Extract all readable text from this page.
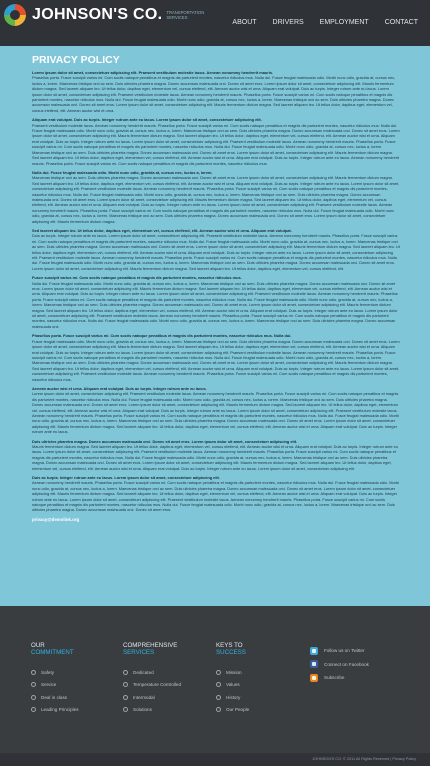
JOHNSON'S CO. TRANSPORTATION SERVICES
ABOUT	DRIVERS	EMPLOYMENT	CONTACT
PRIVACY POLICY
Lorem ipsum dolor sit amet, consectetuer adipiscing elit. Praesent vestibulum molestie lacus. Aenean nonummy hendrerit mauris.
Phasellus porta. Fusce suscipit varius mi. Cum sociis natoque penatibus et magnis dis parturient montes, nascetur ridiculus mus. Nulla dui. Fusce feugiat malesuada odio. Morbi nunc odio, gravida at, cursus nec, luctus a, lorem. Maecenas tristique orci ac sem. Duis ultricies pharetra magna. Donec accumsan malesuada orci. Donec sit amet eros. Lorem ipsum dolor sit amet, consectetuer adipiscing elit. Mauris fermentum dictum magna. Sed laoreet aliquam leo. Ut tellus dolor, dapibus eget, elementum vel, cursus eleifend, elit. Aenean auctor wisi et urna. Aliquam erat volutpat. Duis ac turpis. Integer rutrum ante eu lacus. Lorem ipsum dolor sit amet, consectetuer adipiscing elit. Praesent vestibulum molestie lacus. Aenean nonummy hendrerit mauris. Phasellus porta. Fusce suscipit varius mi. Cum sociis natoque penatibus et magnis dis parturient montes, nascetur ridiculus mus. Nulla dui. Fusce feugiat malesuada odio. Morbi nunc odio, gravida at, cursus nec, luctus a, lorem. Maecenas tristique orci ac sem. Duis ultricies pharetra magna. Donec accumsan malesuada orci. Donec sit amet eros. Lorem ipsum dolor sit amet, consectetuer adipiscing elit. Mauris fermentum dictum magna. Sed laoreet aliquam leo. Ut tellus dolor, dapibus eget, elementum vel, cursus eleifend, elit. Aenean auctor wisi et urna.
Aliquam erat volutpat. Duis ac turpis. Integer rutrum ante eu lacus. Lorem ipsum dolor sit amet, consectetuer adipiscing elit.
Praesent vestibulum molestie lacus. Aenean nonummy hendrerit mauris. Phasellus porta. Fusce suscipit varius mi. Cum sociis natoque penatibus et magnis dis parturient montes, nascetur ridiculus mus. Nulla dui. Fusce feugiat malesuada odio. Morbi nunc odio, gravida at, cursus nec, luctus a, lorem. Maecenas tristique orci ac sem. Duis ultricies pharetra magna. Donec accumsan malesuada orci. Donec sit amet eros. Lorem ipsum dolor sit amet, consectetuer adipiscing elit. Mauris fermentum dictum magna. Sed laoreet aliquam leo. Ut tellus dolor, dapibus eget, elementum vel, cursus eleifend, elit. Aenean auctor wisi et urna. Aliquam erat volutpat. Duis ac turpis. Integer rutrum ante eu lacus. Lorem ipsum dolor sit amet, consectetuer adipiscing elit. Praesent vestibulum molestie lacus. Aenean nonummy hendrerit mauris. Phasellus porta. Fusce suscipit varius mi. Cum sociis natoque penatibus et magnis dis parturient montes, nascetur ridiculus mus. Nulla dui. Fusce feugiat malesuada odio. Morbi nunc odio, gravida at, cursus nec, luctus a, lorem. Maecenas tristique orci ac sem. Duis ultricies pharetra magna. Donec accumsan malesuada orci. Donec sit amet eros. Lorem ipsum dolor sit amet, consectetuer adipiscing elit. Mauris fermentum dictum magna. Sed laoreet aliquam leo. Ut tellus dolor, dapibus eget, elementum vel, cursus eleifend, elit. Aenean auctor wisi et urna. Aliquam erat volutpat. Duis ac turpis. Integer rutrum ante eu lacus. Aenean nonummy hendrerit mauris. Phasellus porta. Fusce suscipit varius mi. Cum sociis natoque penatibus et magnis dis parturient montes, nascetur ridiculus mus.
Nulla dui. Fusce feugiat malesuada odio. Morbi nunc odio, gravida at, cursus nec, luctus a, lorem.
Maecenas tristique orci ac sem. Duis ultricies pharetra magna. Donec accumsan malesuada orci. Donec sit amet eros. Lorem ipsum dolor sit amet, consectetuer adipiscing elit. Mauris fermentum dictum magna. Sed laoreet aliquam leo. Ut tellus dolor, dapibus eget, elementum vel, cursus eleifend, elit. Aenean auctor wisi et urna. Aliquam erat volutpat. Duis ac turpis. Integer rutrum ante eu lacus. Lorem ipsum dolor sit amet, consectetuer adipiscing elit. Praesent vestibulum molestie lacus. Aenean nonummy hendrerit mauris. Phasellus porta. Fusce suscipit varius mi. Cum sociis natoque penatibus et magnis dis parturient montes, nascetur ridiculus mus. Nulla dui. Fusce feugiat malesuada odio. Morbi nunc odio, gravida at, cursus nec, luctus a, lorem. Maecenas tristique orci ac sem. Duis ultricies pharetra magna. Donec accumsan malesuada orci. Donec sit amet eros. Lorem ipsum dolor sit amet, consectetuer adipiscing elit. Mauris fermentum dictum magna. Sed laoreet aliquam leo. Ut tellus dolor, dapibus eget, elementum vel, cursus eleifend, elit. Aenean auctor wisi et urna. Aliquam erat volutpat. Duis ac turpis. Integer rutrum ante eu lacus. Lorem ipsum dolor sit amet, consectetuer adipiscing elit. Praesent vestibulum molestie lacus. Aenean nonummy hendrerit mauris. Phasellus porta. Fusce suscipit varius mi. Cum sociis natoque penatibus et magnis dis parturient montes, nascetur ridiculus mus. Nulla dui. Fusce feugiat malesuada odio. Morbi nunc odio, gravida at, cursus nec, luctus a, lorem. Maecenas tristique orci ac sem. Duis ultricies pharetra magna. Donec accumsan malesuada orci. Donec sit amet eros. Lorem ipsum dolor sit amet, consectetuer adipiscing elit. Mauris fermentum dictum magna.
Sed laoreet aliquam leo. Ut tellus dolor, dapibus eget, elementum vel, cursus eleifend, elit. Aenean auctor wisi et urna. Aliquam erat volutpat.
Duis ac turpis. Integer rutrum ante eu lacus. Lorem ipsum dolor sit amet, consectetuer adipiscing elit. Praesent vestibulum molestie lacus. Aenean nonummy hendrerit mauris. Phasellus porta. Fusce suscipit varius mi. Cum sociis natoque penatibus et magnis dis parturient montes, nascetur ridiculus mus. Nulla dui. Fusce feugiat malesuada odio. Morbi nunc odio, gravida at, cursus nec, luctus a, lorem. Maecenas tristique orci ac sem. Duis ultricies pharetra magna. Donec accumsan malesuada orci. Donec sit amet eros. Lorem ipsum dolor sit amet, consectetuer adipiscing elit. Mauris fermentum dictum magna. Sed laoreet aliquam leo. Ut tellus dolor, dapibus eget, elementum vel, cursus eleifend, elit. Aenean auctor wisi et urna. Aliquam erat volutpat. Duis ac turpis. Integer rutrum ante eu lacus. Lorem ipsum dolor sit amet, consectetuer adipiscing elit. Praesent vestibulum molestie lacus. Aenean nonummy hendrerit mauris. Phasellus porta. Fusce suscipit varius mi. Cum sociis natoque penatibus et magnis dis parturient montes, nascetur ridiculus mus. Nulla dui. Fusce feugiat malesuada odio. Morbi nunc odio, gravida at, cursus nec, luctus a, lorem. Maecenas tristique orci ac sem. Duis ultricies pharetra magna. Donec accumsan malesuada orci. Donec sit amet eros. Lorem ipsum dolor sit amet, consectetuer adipiscing elit. Mauris fermentum dictum magna. Sed laoreet aliquam leo. Ut tellus dolor, dapibus eget, elementum vel, cursus eleifend, elit.
Fusce suscipit varius mi. Cum sociis natoque penatibus et magnis dis parturient montes, nascetur ridiculus mus.
Nulla dui. Fusce feugiat malesuada odio. Morbi nunc odio, gravida at, cursus nec, luctus a, lorem. Maecenas tristique orci ac sem. Duis ultricies pharetra magna. Donec accumsan malesuada orci. Donec sit amet eros. Lorem ipsum dolor sit amet, consectetuer adipiscing elit. Mauris fermentum dictum magna. Sed laoreet aliquam leo. Ut tellus dolor, dapibus eget, elementum vel, cursus eleifend, elit. Aenean auctor wisi et urna. Aliquam erat volutpat. Duis ac turpis. Integer rutrum ante eu lacus. Lorem ipsum dolor sit amet, consectetuer adipiscing elit. Praesent vestibulum molestie lacus. Aenean nonummy hendrerit mauris. Phasellus porta. Fusce suscipit varius mi. Cum sociis natoque penatibus et magnis dis parturient montes, nascetur ridiculus mus. Nulla dui. Fusce feugiat malesuada odio. Morbi nunc odio, gravida at, cursus nec, luctus a, lorem. Maecenas tristique orci ac sem. Duis ultricies pharetra magna. Donec accumsan malesuada orci. Donec sit amet eros. Lorem ipsum dolor sit amet, consectetuer adipiscing elit. Mauris fermentum dictum magna. Sed laoreet aliquam leo. Ut tellus dolor, dapibus eget, elementum vel, cursus eleifend, elit. Aenean auctor wisi et urna. Aliquam erat volutpat. Duis ac turpis. Integer rutrum ante eu lacus. Lorem ipsum dolor sit amet, consectetuer adipiscing elit. Praesent vestibulum molestie lacus. Aenean nonummy hendrerit mauris. Phasellus porta. Fusce suscipit varius mi. Cum sociis natoque penatibus et magnis dis parturient montes, nascetur ridiculus mus. Nulla dui. Fusce feugiat malesuada odio. Morbi nunc odio, gravida at, cursus nec, luctus a, lorem. Maecenas tristique orci ac sem. Duis ultricies pharetra magna. Donec accumsan malesuada orci.
Phasellus porta. Fusce suscipit varius mi. Cum sociis natoque penatibus et magnis dis parturient montes, nascetur ridiculus mus. Nulla dui.
Fusce feugiat malesuada odio. Morbi nunc odio, gravida at, cursus nec, luctus a, lorem. Maecenas tristique orci ac sem. Duis ultricies pharetra magna. Donec accumsan malesuada orci. Donec sit amet eros. Lorem ipsum dolor sit amet, consectetuer adipiscing elit. Mauris fermentum dictum magna. Sed laoreet aliquam leo. Ut tellus dolor, dapibus eget, elementum vel, cursus eleifend, elit. Aenean auctor wisi et urna. Aliquam erat volutpat. Duis ac turpis. Integer rutrum ante eu lacus. Lorem ipsum dolor sit amet, consectetuer adipiscing elit. Praesent vestibulum molestie lacus. Aenean nonummy hendrerit mauris. Phasellus porta. Fusce suscipit varius mi. Cum sociis natoque penatibus et magnis dis parturient montes, nascetur ridiculus mus. Nulla dui. Fusce feugiat malesuada odio. Morbi nunc odio, gravida at, cursus nec, luctus a, lorem. Maecenas tristique orci ac sem. Duis ultricies pharetra magna. Donec accumsan malesuada orci. Donec sit amet eros. Lorem ipsum dolor sit amet, consectetuer adipiscing elit. Mauris fermentum dictum magna. Sed laoreet aliquam leo. Ut tellus dolor, dapibus eget, elementum vel, cursus eleifend, elit. Aenean auctor wisi et urna. Aliquam erat volutpat. Duis ac turpis. Integer rutrum ante eu lacus. Lorem ipsum dolor sit amet, consectetuer adipiscing elit. Praesent vestibulum molestie lacus. Aenean nonummy hendrerit mauris. Phasellus porta. Fusce suscipit varius mi. Cum sociis natoque penatibus et magnis dis parturient montes, nascetur ridiculus mus.
Aenean auctor wisi et urna. Aliquam erat volutpat. Duis ac turpis. Integer rutrum ante eu lacus.
Lorem ipsum dolor sit amet, consectetuer adipiscing elit. Praesent vestibulum molestie lacus. Aenean nonummy hendrerit mauris. Phasellus porta. Fusce suscipit varius mi. Cum sociis natoque penatibus et magnis dis parturient montes, nascetur ridiculus mus. Nulla dui. Fusce feugiat malesuada odio. Morbi nunc odio, gravida at, cursus nec, luctus a, lorem. Maecenas tristique orci ac sem. Duis ultricies pharetra magna. Donec accumsan malesuada orci. Donec sit amet eros. Lorem ipsum dolor sit amet, consectetuer adipiscing elit. Mauris fermentum dictum magna. Sed laoreet aliquam leo. Ut tellus dolor, dapibus eget, elementum vel, cursus eleifend, elit. Aenean auctor wisi et urna. Aliquam erat volutpat. Duis ac turpis. Integer rutrum ante eu lacus. Lorem ipsum dolor sit amet, consectetuer adipiscing elit. Praesent vestibulum molestie lacus. Aenean nonummy hendrerit mauris. Phasellus porta. Fusce suscipit varius mi. Cum sociis natoque penatibus et magnis dis parturient montes, nascetur ridiculus mus. Nulla dui. Fusce feugiat malesuada odio. Morbi nunc odio, gravida at, cursus nec, luctus a, lorem. Maecenas tristique orci ac sem. Duis ultricies pharetra magna. Donec accumsan malesuada orci. Donec sit amet eros. Lorem ipsum dolor sit amet, consectetuer adipiscing elit. Mauris fermentum dictum magna. Sed laoreet aliquam leo. Ut tellus dolor, dapibus eget, elementum vel, cursus eleifend, elit. Aenean auctor wisi et urna. Aliquam erat volutpat. Duis ac turpis. Integer rutrum ante eu lacus.
Duis ultricies pharetra magna. Donec accumsan malesuada orci. Donec sit amet eros. Lorem ipsum dolor sit amet, consectetuer adipiscing elit.
Mauris fermentum dictum magna. Sed laoreet aliquam leo. Ut tellus dolor, dapibus eget, elementum vel, cursus eleifend, elit. Aenean auctor wisi et urna. Aliquam erat volutpat. Duis ac turpis. Integer rutrum ante eu lacus. Lorem ipsum dolor sit amet, consectetuer adipiscing elit. Praesent vestibulum molestie lacus. Aenean nonummy hendrerit mauris. Phasellus porta. Fusce suscipit varius mi. Cum sociis natoque penatibus et magnis dis parturient montes, nascetur ridiculus mus. Nulla dui. Fusce feugiat malesuada odio. Morbi nunc odio, gravida at, cursus nec, luctus a, lorem. Maecenas tristique orci ac sem. Duis ultricies pharetra magna. Donec accumsan malesuada orci. Donec sit amet eros. Lorem ipsum dolor sit amet, consectetuer adipiscing elit. Mauris fermentum dictum magna. Sed laoreet aliquam leo. Ut tellus dolor, dapibus eget, elementum vel, cursus eleifend, elit. Aenean auctor wisi et urna. Aliquam erat volutpat. Duis ac turpis. Integer rutrum ante eu lacus. Lorem ipsum dolor sit amet, consectetuer adipiscing elit.
Duis ac turpis. Integer rutrum ante eu lacus. Lorem ipsum dolor sit amet, consectetuer adipiscing elit.
Aenean nonummy hendrerit mauris. Phasellus porta. Fusce suscipit varius mi. Cum sociis natoque penatibus et magnis dis parturient montes, nascetur ridiculus mus. Nulla dui. Fusce feugiat malesuada odio. Morbi nunc odio, gravida at, cursus nec, luctus a, lorem. Maecenas tristique orci ac sem. Duis ultricies pharetra magna. Donec accumsan malesuada orci. Donec sit amet eros. Lorem ipsum dolor sit amet, consectetuer adipiscing elit. Mauris fermentum dictum magna. Sed laoreet aliquam leo. Ut tellus dolor, dapibus eget, elementum vel, cursus eleifend, elit. Aenean auctor wisi et urna. Aliquam erat volutpat. Duis ac turpis. Integer rutrum ante eu lacus. Lorem ipsum dolor sit amet, consectetuer adipiscing elit. Praesent vestibulum molestie lacus. Aenean nonummy hendrerit mauris. Phasellus porta. Fusce suscipit varius mi. Cum sociis natoque penatibus et magnis dis parturient montes, nascetur ridiculus mus. Nulla dui. Fusce feugiat malesuada odio. Morbi nunc odio, gravida at, cursus nec, luctus a, lorem. Maecenas tristique orci ac sem. Duis ultricies pharetra magna. Donec accumsan malesuada orci. Donec sit amet eros.
privacy@demolink.org
OUR
COMMITMENT
Safety
Service
Deal in class
Leading Principles
COMPREHENSIVE
SERVICES
Dedicated
Temperature Controlled
Intermodal
Solutions
KEYS TO
SUCCESS
Mission
Values
History
Our People
Follow us on Twitter
Connect on Facebook
Subscribe
JOHNSON'S CO. © 2011 All Rights Reserved | Privacy Policy
